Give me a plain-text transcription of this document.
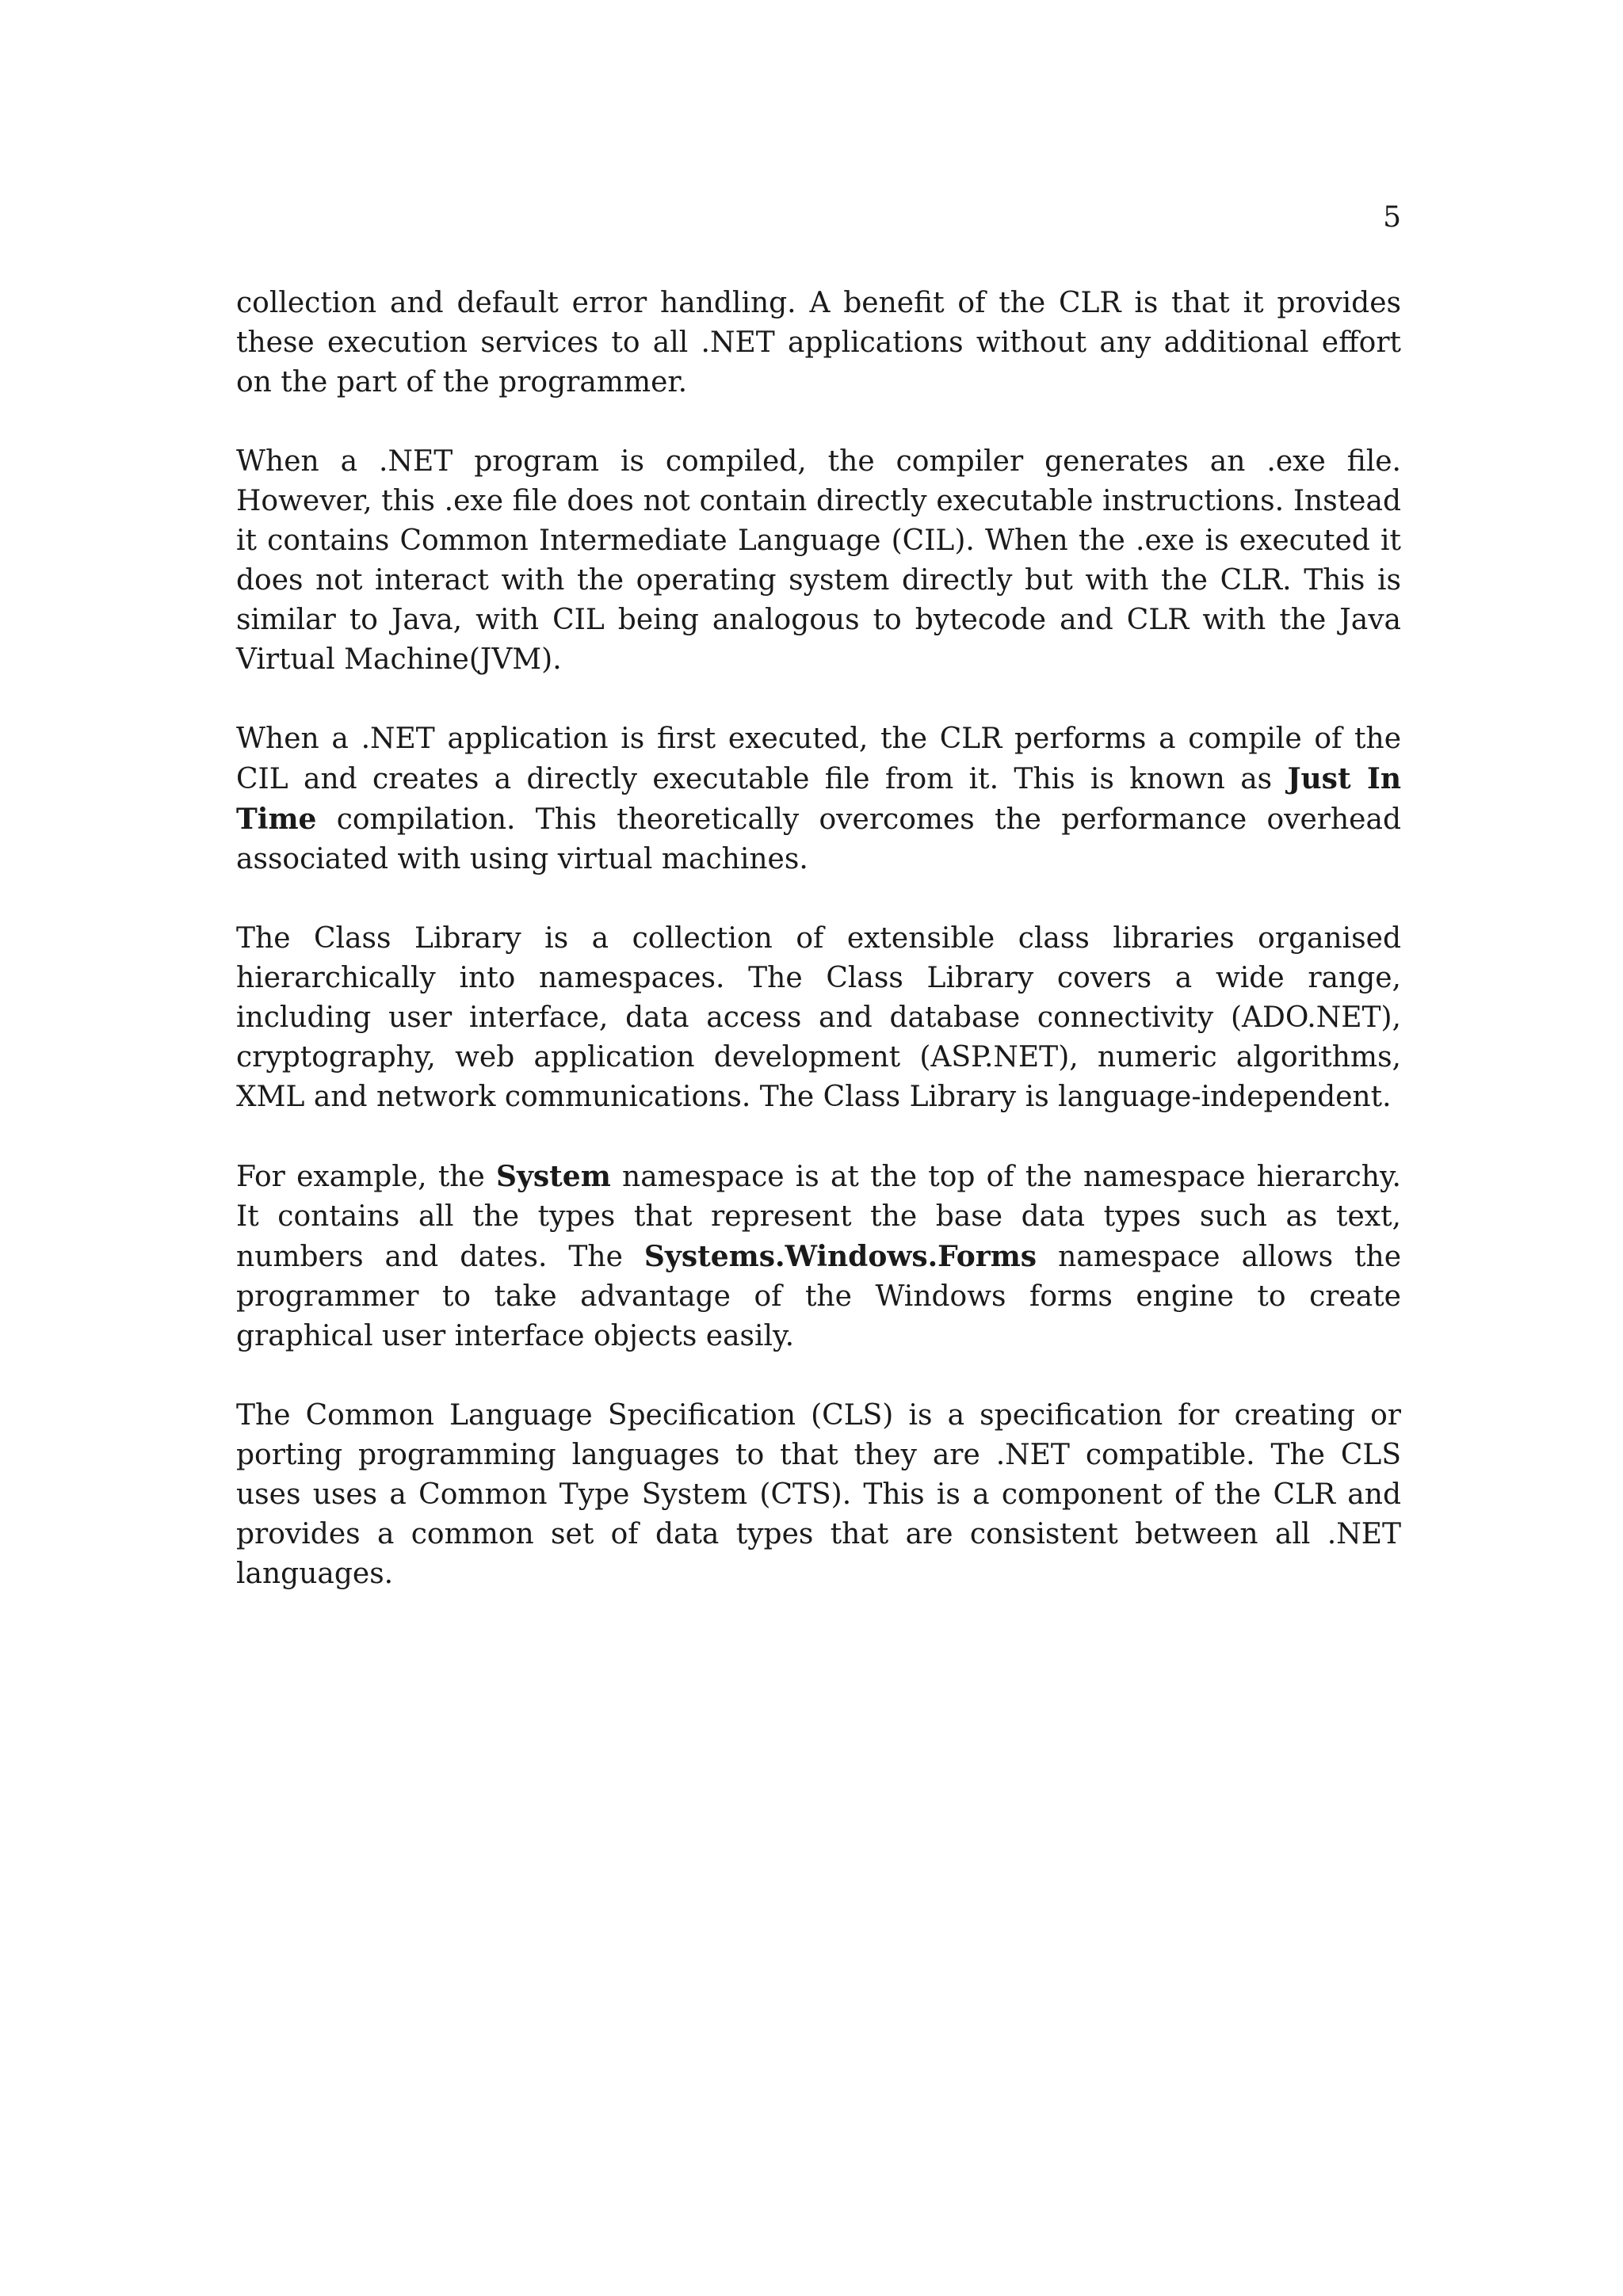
5

collection and default error handling. A benefit of the CLR is that it provides these execution services to all .NET applications without any additional effort on the part of the programmer.

When a .NET program is compiled, the compiler generates an .exe file. However, this .exe file does not contain directly executable instructions. Instead it contains Common Intermediate Language (CIL). When the .exe is executed it does not interact with the operating system directly but with the CLR. This is similar to Java, with CIL being analogous to bytecode and CLR with the Java Virtual Machine(JVM).

When a .NET application is first executed, the CLR performs a compile of the CIL and creates a directly executable file from it. This is known as Just In Time compilation. This theoretically overcomes the performance overhead associated with using virtual machines.

The Class Library is a collection of extensible class libraries organised hierarchically into namespaces. The Class Library covers a wide range, including user interface, data access and database connectivity (ADO.NET), cryptography, web application development (ASP.NET), numeric algorithms, XML and network communications. The Class Library is language-independent.

For example, the System namespace is at the top of the namespace hierarchy. It contains all the types that represent the base data types such as text, numbers and dates. The Systems.Windows.Forms namespace allows the programmer to take advantage of the Windows forms engine to create graphical user interface objects easily.

The Common Language Specification (CLS) is a specification for creating or porting programming languages to that they are .NET compatible. The CLS uses uses a Common Type System (CTS). This is a component of the CLR and provides a common set of data types that are consistent between all .NET languages.
